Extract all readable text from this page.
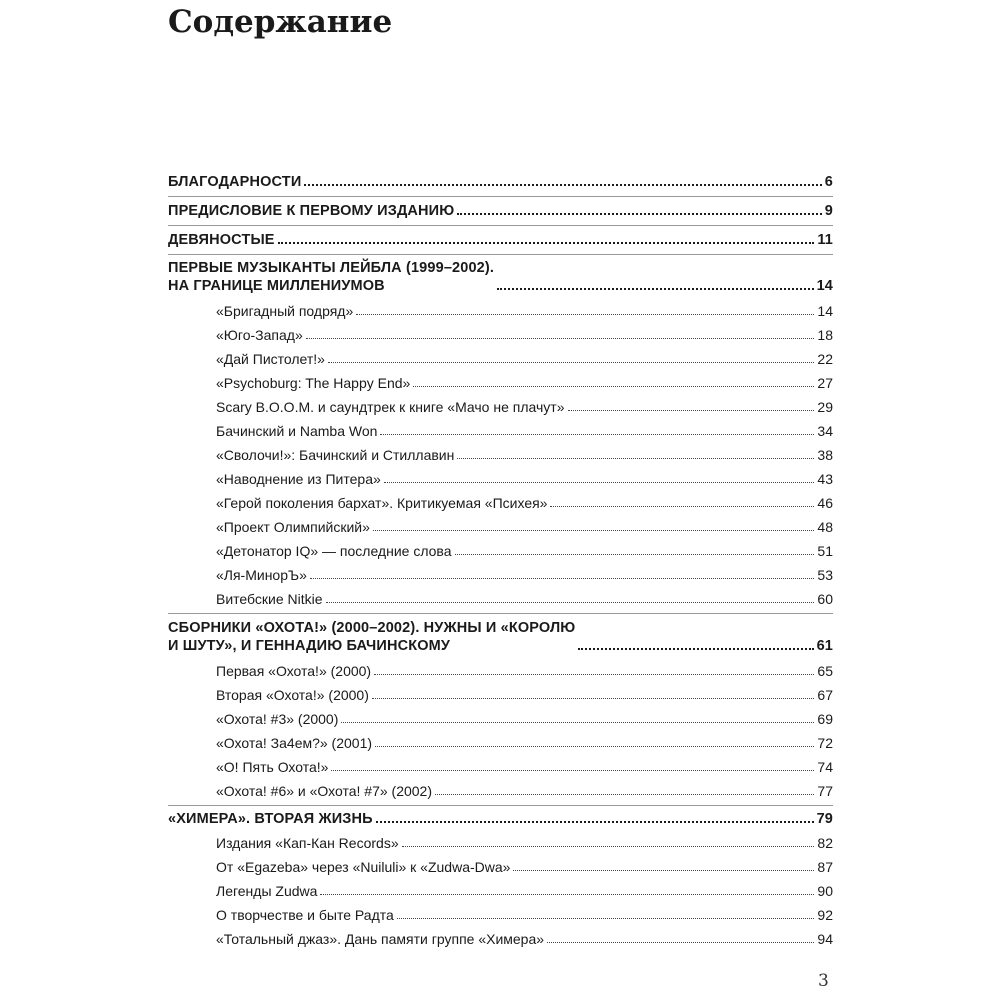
Содержание
БЛАГОДАРНОСТИ	6
ПРЕДИСЛОВИЕ К ПЕРВОМУ ИЗДАНИЮ	9
ДЕВЯНОСТЫЕ	11
ПЕРВЫЕ МУЗЫКАНТЫ ЛЕЙБЛА (1999–2002).
НА ГРАНИЦЕ МИЛЛЕНИУМОВ	14
«Бригадный подряд»	14
«Юго-Запад»	18
«Дай Пистолет!»	22
«Psychoburg: The Happy End»	27
Scary B.O.O.M. и саундтрек к книге «Мачо не плачут»	29
Бачинский и Namba Won	34
«Сволочи!»: Бачинский и Стиллавин	38
«Наводнение из Питера»	43
«Герой поколения бархат». Критикуемая «Психея»	46
«Проект Олимпийский»	48
«Детонатор IQ» — последние слова	51
«Ля-МинорЪ»	53
Витебские Nitkie	60
СБОРНИКИ «ОХОТА!» (2000–2002). НУЖНЫ И «КОРОЛЮ
И ШУТУ», И ГЕННАДИЮ БАЧИНСКОМУ	61
Первая «Охота!» (2000)	65
Вторая «Охота!» (2000)	67
«Охота! #3» (2000)	69
«Охота! За4ем?» (2001)	72
«О! Пять Охота!»	74
«Охота! #6» и «Охота! #7» (2002)	77
«ХИМЕРА». ВТОРАЯ ЖИЗНЬ	79
Издания «Кап-Кан Records»	82
От «Egazeba» через «Nuiluli» к «Zudwa-Dwa»	87
Легенды Zudwa	90
О творчестве и быте Радта	92
«Тотальный джаз». Дань памяти группе «Химера»	94
3
